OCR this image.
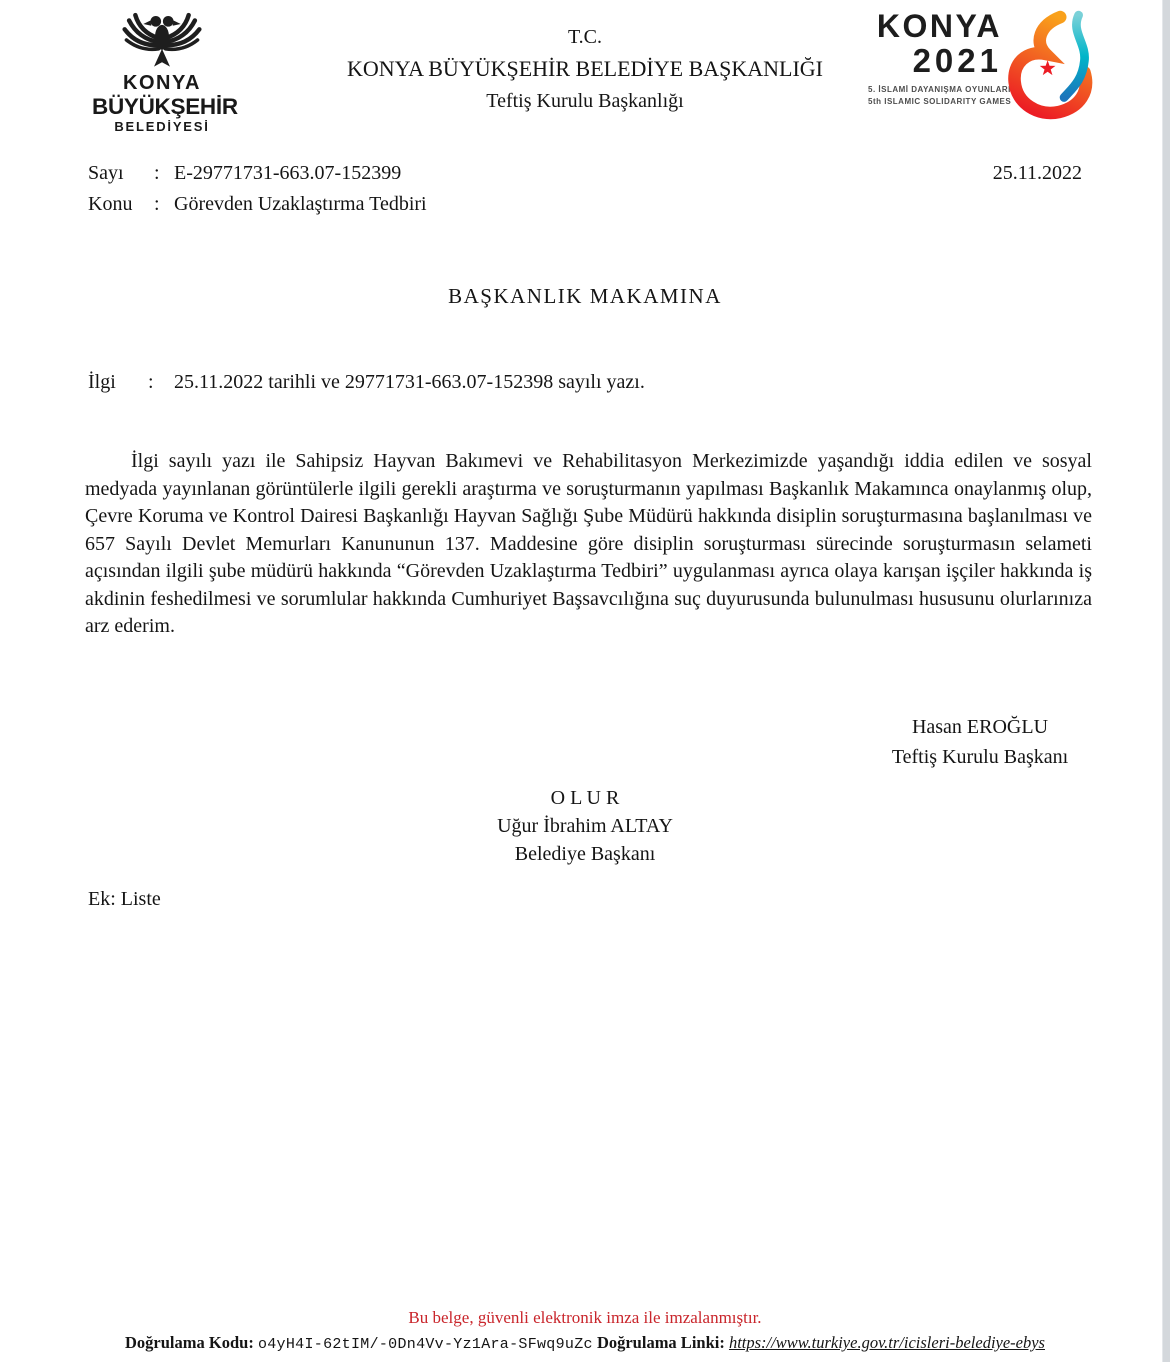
KONYA
BÜYÜKŞEHİR
BELEDİYESİ
T.C.
KONYA BÜYÜKŞEHİR BELEDİYE BAŞKANLIĞI
Teftiş Kurulu Başkanlığı
KONYA
2021
5. İSLAMİ DAYANIŞMA OYUNLARI
5th ISLAMIC SOLIDARITY GAMES
Sayı	: E-29771731-663.07-152399
Konu	: Görevden Uzaklaştırma Tedbiri
25.11.2022
BAŞKANLIK MAKAMINA
İlgi	:	25.11.2022 tarihli ve 29771731-663.07-152398 sayılı yazı.
İlgi sayılı yazı ile Sahipsiz Hayvan Bakımevi ve Rehabilitasyon Merkezimizde yaşandığı iddia edilen ve sosyal medyada yayınlanan görüntülerle ilgili gerekli araştırma ve soruşturmanın yapılması Başkanlık Makamınca onaylanmış olup, Çevre Koruma ve Kontrol Dairesi Başkanlığı Hayvan Sağlığı Şube Müdürü hakkında disiplin soruşturmasına başlanılması ve 657 Sayılı Devlet Memurları Kanununun 137. Maddesine göre disiplin soruşturması sürecinde soruşturmasın selameti açısından ilgili şube müdürü hakkında “Görevden Uzaklaştırma Tedbiri” uygulanması ayrıca olaya karışan işçiler hakkında iş akdinin feshedilmesi ve sorumlular hakkında Cumhuriyet Başsavcılığına suç duyurusunda bulunulması hususunu olurlarınıza arz ederim.
Hasan EROĞLU
Teftiş Kurulu Başkanı
O L U R
Uğur İbrahim ALTAY
Belediye Başkanı
Ek: Liste
Bu belge, güvenli elektronik imza ile imzalanmıştır.
Doğrulama Kodu: o4yH4I-62tIM/-0Dn4Vv-Yz1Ara-SFwq9uZc Doğrulama Linki: https://www.turkiye.gov.tr/icisleri-belediye-ebys
